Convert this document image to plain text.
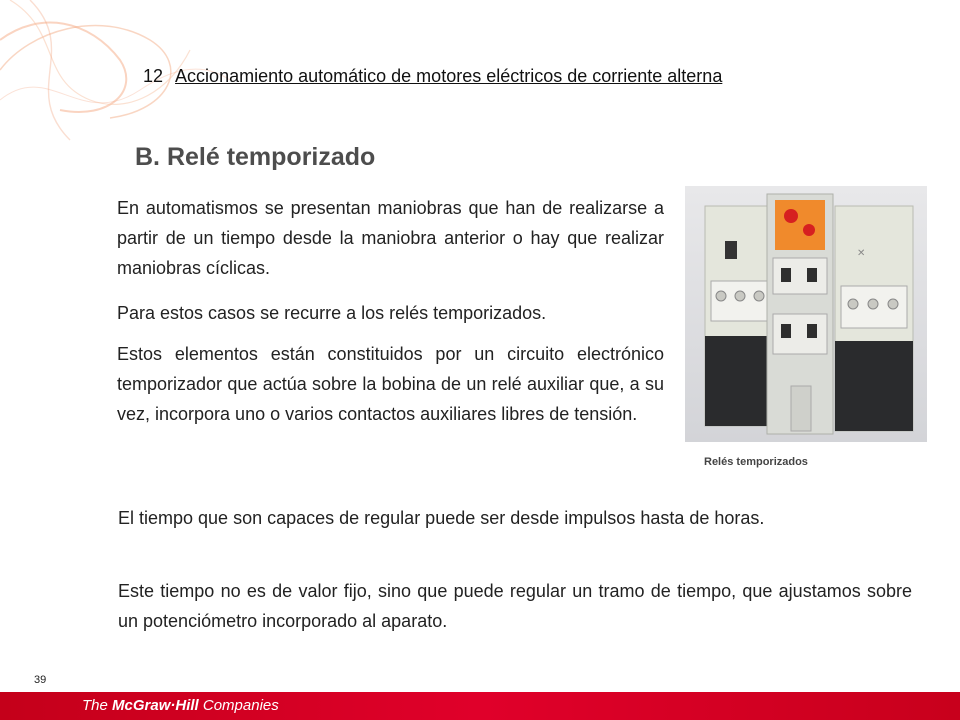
12 Accionamiento automático de motores eléctricos de corriente alterna
B. Relé temporizado

En automatismos se presentan maniobras que han de realizarse a partir de un tiempo desde la maniobra anterior o hay que realizar maniobras cíclicas.

Para estos casos se recurre a los relés temporizados.

Estos elementos están constituidos por un circuito electrónico temporizador que actúa sobre la bobina de un relé auxiliar que, a su vez, incorpora uno o varios contactos auxiliares libres de tensión.

✕
Relés temporizados

El tiempo que son capaces de regular puede ser desde impulsos hasta de horas.

Este tiempo no es de valor fijo, sino que puede regular un tramo de tiempo, que ajustamos sobre un potenciómetro incorporado al aparato.

39
The McGraw·Hill Companies
